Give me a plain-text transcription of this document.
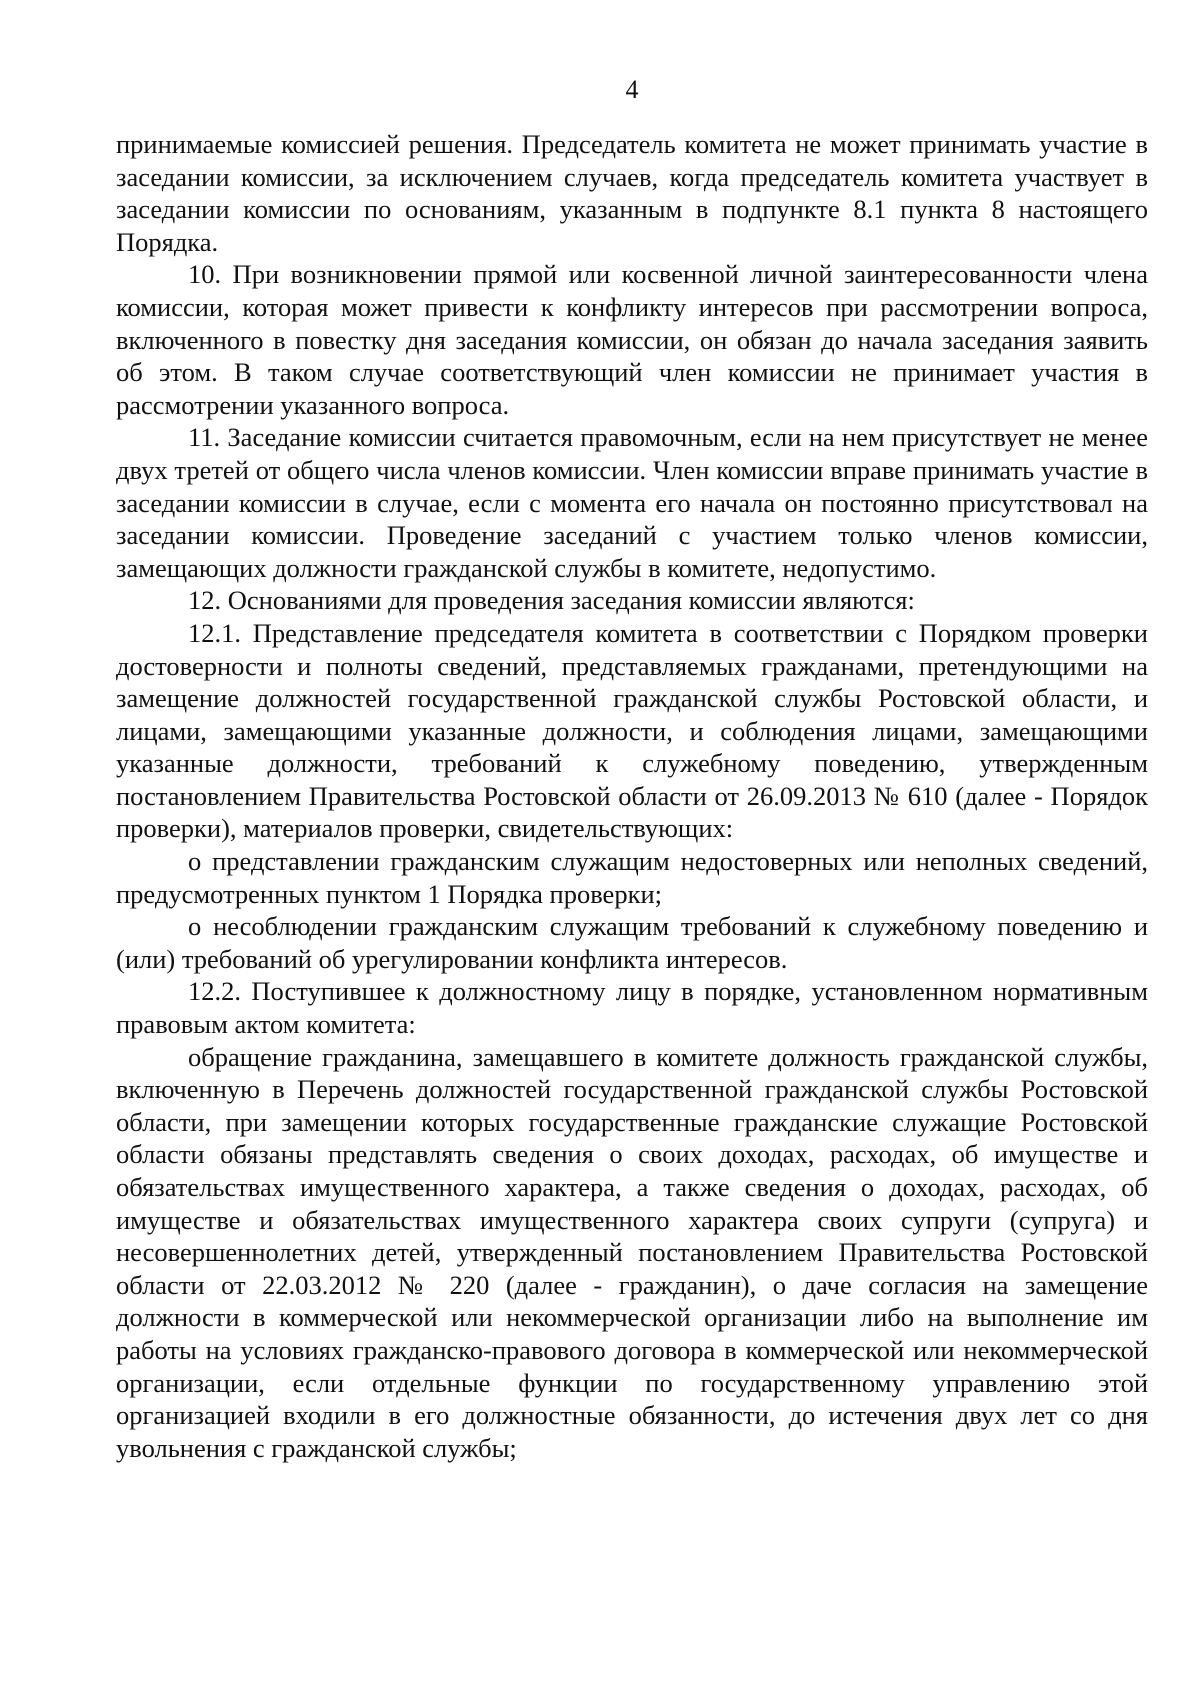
4

принимаемые комиссией решения. Председатель комитета не может принимать участие в заседании комиссии, за исключением случаев, когда председатель комитета участвует в заседании комиссии по основаниям, указанным в подпункте 8.1 пункта 8 настоящего Порядка.

10. При возникновении прямой или косвенной личной заинтересованности члена комиссии, которая может привести к конфликту интересов при рассмотрении вопроса, включенного в повестку дня заседания комиссии, он обязан до начала заседания заявить об этом. В таком случае соответствующий член комиссии не принимает участия в рассмотрении указанного вопроса.

11. Заседание комиссии считается правомочным, если на нем присутствует не менее двух третей от общего числа членов комиссии. Член комиссии вправе принимать участие в заседании комиссии в случае, если с момента его начала он постоянно присутствовал на заседании комиссии. Проведение заседаний с участием только членов комиссии, замещающих должности гражданской службы в комитете, недопустимо.

12. Основаниями для проведения заседания комиссии являются:

12.1. Представление председателя комитета в соответствии с Порядком проверки достоверности и полноты сведений, представляемых гражданами, претендующими на замещение должностей государственной гражданской службы Ростовской области, и лицами, замещающими указанные должности, и соблюдения лицами, замещающими указанные должности, требований к служебному поведению, утвержденным постановлением Правительства Ростовской области от 26.09.2013 № 610 (далее - Порядок проверки), материалов проверки, свидетельствующих:

о представлении гражданским служащим недостоверных или неполных сведений, предусмотренных пунктом 1 Порядка проверки;

о несоблюдении гражданским служащим требований к служебному поведению и (или) требований об урегулировании конфликта интересов.

12.2. Поступившее к должностному лицу в порядке, установленном нормативным правовым актом комитета:

обращение гражданина, замещавшего в комитете должность гражданской службы, включенную в Перечень должностей государственной гражданской службы Ростовской области, при замещении которых государственные гражданские служащие Ростовской области обязаны представлять сведения о своих доходах, расходах, об имуществе и обязательствах имущественного характера, а также сведения о доходах, расходах, об имуществе и обязательствах имущественного характера своих супруги (супруга) и несовершеннолетних детей, утвержденный постановлением Правительства Ростовской области от 22.03.2012 № 220 (далее - гражданин), о даче согласия на замещение должности в коммерческой или некоммерческой организации либо на выполнение им работы на условиях гражданско-правового договора в коммерческой или некоммерческой организации, если отдельные функции по государственному управлению этой организацией входили в его должностные обязанности, до истечения двух лет со дня увольнения с гражданской службы;
